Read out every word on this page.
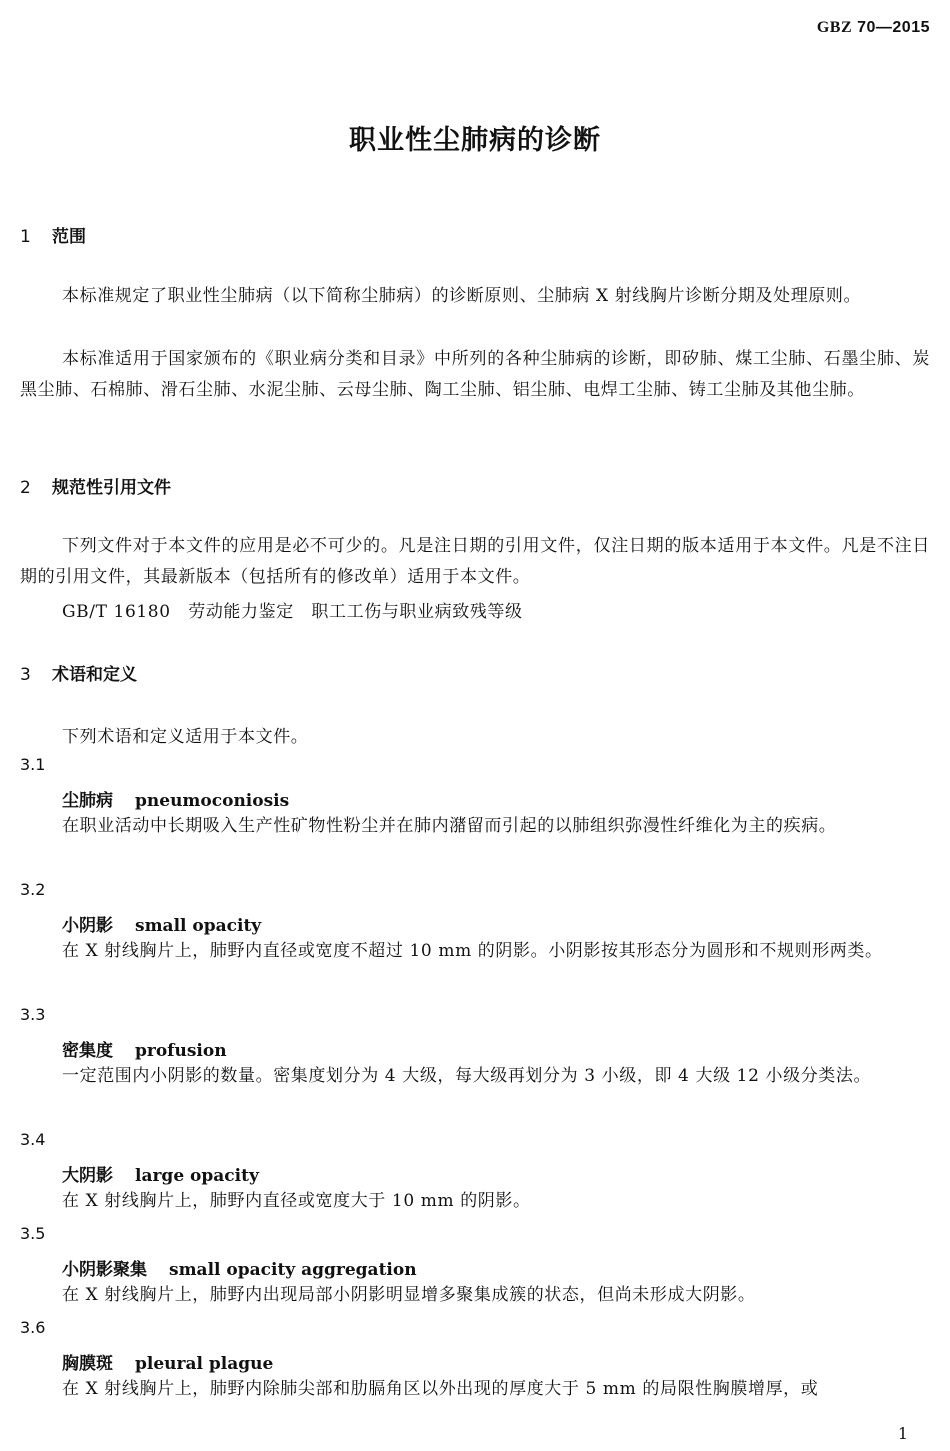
GBZ 70—2015
职业性尘肺病的诊断
1 范围
本标准规定了职业性尘肺病（以下简称尘肺病）的诊断原则、尘肺病 X 射线胸片诊断分期及处理原则。
本标准适用于国家颁布的《职业病分类和目录》中所列的各种尘肺病的诊断，即矽肺、煤工尘肺、石墨尘肺、炭黑尘肺、石棉肺、滑石尘肺、水泥尘肺、云母尘肺、陶工尘肺、铝尘肺、电焊工尘肺、铸工尘肺及其他尘肺。
2 规范性引用文件
下列文件对于本文件的应用是必不可少的。凡是注日期的引用文件，仅注日期的版本适用于本文件。凡是不注日期的引用文件，其最新版本（包括所有的修改单）适用于本文件。
GB/T 16180　劳动能力鉴定　职工工伤与职业病致残等级
3 术语和定义
下列术语和定义适用于本文件。
3.1
尘肺病 pneumoconiosis
在职业活动中长期吸入生产性矿物性粉尘并在肺内潴留而引起的以肺组织弥漫性纤维化为主的疾病。
3.2
小阴影 small opacity
在 X 射线胸片上，肺野内直径或宽度不超过 10 mm 的阴影。小阴影按其形态分为圆形和不规则形两类。
3.3
密集度 profusion
一定范围内小阴影的数量。密集度划分为 4 大级，每大级再划分为 3 小级，即 4 大级 12 小级分类法。
3.4
大阴影 large opacity
在 X 射线胸片上，肺野内直径或宽度大于 10 mm 的阴影。
3.5
小阴影聚集 small opacity aggregation
在 X 射线胸片上，肺野内出现局部小阴影明显增多聚集成簇的状态，但尚未形成大阴影。
3.6
胸膜斑 pleural plague
在 X 射线胸片上，肺野内除肺尖部和肋膈角区以外出现的厚度大于 5 mm 的局限性胸膜增厚，或
1
